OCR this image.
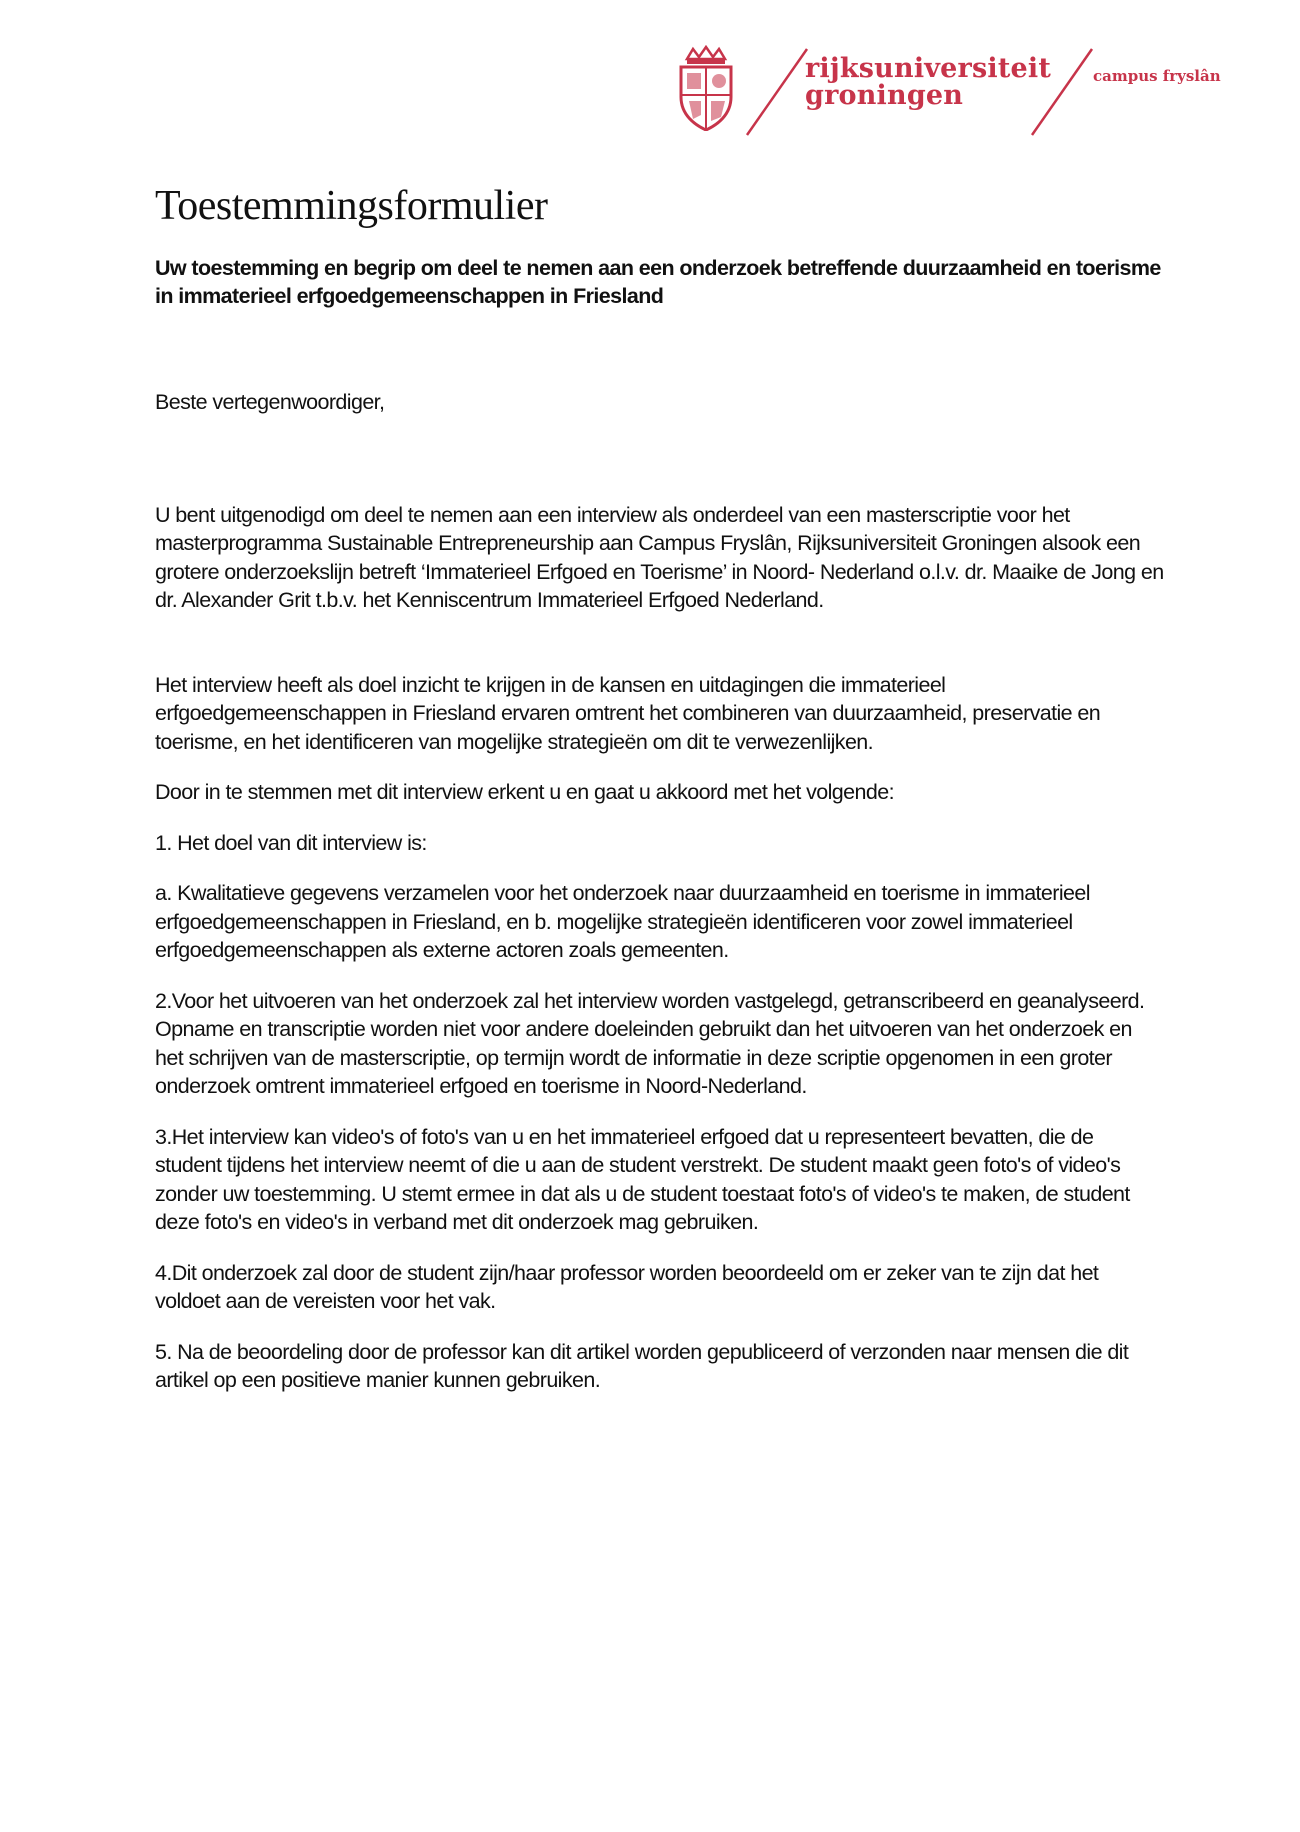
rijksuniversiteit
groningen
campus fryslân
Toestemmingsformulier
Uw toestemming en begrip om deel te nemen aan een onderzoek betreffende duurzaamheid en toerisme in immaterieel erfgoedgemeenschappen in Friesland

Beste vertegenwoordiger,

U bent uitgenodigd om deel te nemen aan een interview als onderdeel van een masterscriptie voor het masterprogramma Sustainable Entrepreneurship aan Campus Fryslân, Rijksuniversiteit Groningen alsook een grotere onderzoekslijn betreft ‘Immaterieel Erfgoed en Toerisme’ in Noord- Nederland o.l.v. dr. Maaike de Jong en dr. Alexander Grit t.b.v. het Kenniscentrum Immaterieel Erfgoed Nederland.

Het interview heeft als doel inzicht te krijgen in de kansen en uitdagingen die immaterieel erfgoedgemeenschappen in Friesland ervaren omtrent het combineren van duurzaamheid, preservatie en toerisme, en het identificeren van mogelijke strategieën om dit te verwezenlijken.

Door in te stemmen met dit interview erkent u en gaat u akkoord met het volgende:

1. Het doel van dit interview is:

a. Kwalitatieve gegevens verzamelen voor het onderzoek naar duurzaamheid en toerisme in immaterieel erfgoedgemeenschappen in Friesland, en b. mogelijke strategieën identificeren voor zowel immaterieel erfgoedgemeenschappen als externe actoren zoals gemeenten.

2.Voor het uitvoeren van het onderzoek zal het interview worden vastgelegd, getranscribeerd en geanalyseerd. Opname en transcriptie worden niet voor andere doeleinden gebruikt dan het uitvoeren van het onderzoek en het schrijven van de masterscriptie, op termijn wordt de informatie in deze scriptie opgenomen in een groter onderzoek omtrent immaterieel erfgoed en toerisme in Noord-Nederland.

3.Het interview kan video's of foto's van u en het immaterieel erfgoed dat u representeert bevatten, die de student tijdens het interview neemt of die u aan de student verstrekt. De student maakt geen foto's of video's zonder uw toestemming. U stemt ermee in dat als u de student toestaat foto's of video's te maken, de student deze foto's en video's in verband met dit onderzoek mag gebruiken.

4.Dit onderzoek zal door de student zijn/haar professor worden beoordeeld om er zeker van te zijn dat het voldoet aan de vereisten voor het vak.

5. Na de beoordeling door de professor kan dit artikel worden gepubliceerd of verzonden naar mensen die dit artikel op een positieve manier kunnen gebruiken.
